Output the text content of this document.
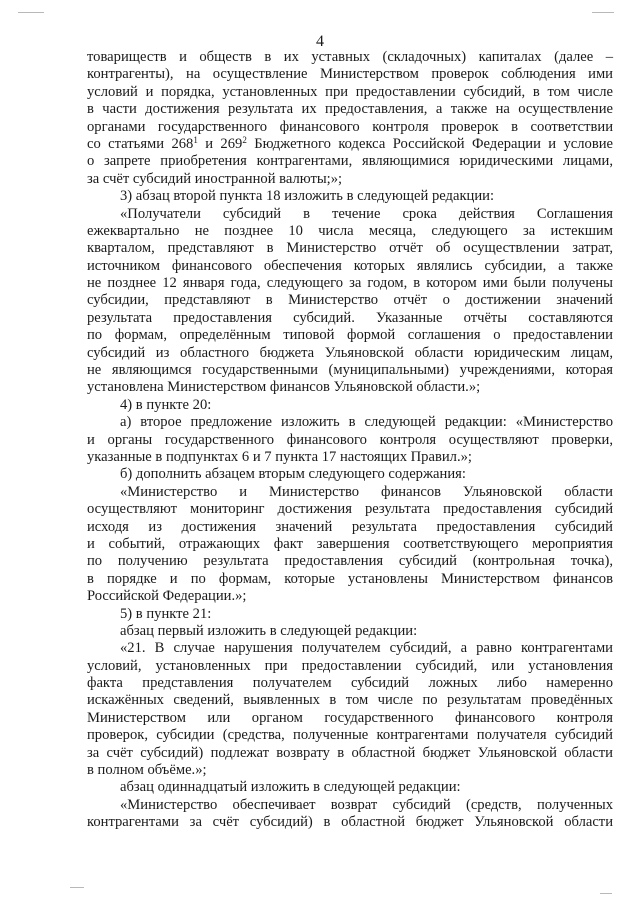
4
товариществ и обществ в их уставных (складочных) капиталах (далее –
контрагенты), на осуществление Министерством проверок соблюдения ими
условий и порядка, установленных при предоставлении субсидий, в том числе
в части достижения результата их предоставления, а также на осуществление
органами государственного финансового контроля проверок в соответствии
со статьями $268^1$ и $269^2$ Бюджетного кодекса Российской Федерации и условие
о запрете приобретения контрагентами, являющимися юридическими лицами,
за счёт субсидий иностранной валюты;»;
3) абзац второй пункта 18 изложить в следующей редакции:
«Получатели субсидий в течение срока действия Соглашения
ежеквартально не позднее 10 числа месяца, следующего за истекшим
кварталом, представляют в Министерство отчёт об осуществлении затрат,
источником финансового обеспечения которых являлись субсидии, а также
не позднее 12 января года, следующего за годом, в котором ими были получены
субсидии, представляют в Министерство отчёт о достижении значений
результата предоставления субсидий. Указанные отчёты составляются
по формам, определённым типовой формой соглашения о предоставлении
субсидий из областного бюджета Ульяновской области юридическим лицам,
не являющимся государственными (муниципальными) учреждениями, которая
установлена Министерством финансов Ульяновской области.»;
4) в пункте 20:
а) второе предложение изложить в следующей редакции: «Министерство
и органы государственного финансового контроля осуществляют проверки,
указанные в подпунктах 6 и 7 пункта 17 настоящих Правил.»;
б) дополнить абзацем вторым следующего содержания:
«Министерство и Министерство финансов Ульяновской области
осуществляют мониторинг достижения результата предоставления субсидий
исходя из достижения значений результата предоставления субсидий
и событий, отражающих факт завершения соответствующего мероприятия
по получению результата предоставления субсидий (контрольная точка),
в порядке и по формам, которые установлены Министерством финансов
Российской Федерации.»;
5) в пункте 21:
абзац первый изложить в следующей редакции:
«21. В случае нарушения получателем субсидий, а равно контрагентами
условий, установленных при предоставлении субсидий, или установления
факта представления получателем субсидий ложных либо намеренно
искажённых сведений, выявленных в том числе по результатам проведённых
Министерством или органом государственного финансового контроля
проверок, субсидии (средства, полученные контрагентами получателя субсидий
за счёт субсидий) подлежат возврату в областной бюджет Ульяновской области
в полном объёме.»;
абзац одиннадцатый изложить в следующей редакции:
«Министерство обеспечивает возврат субсидий (средств, полученных
контрагентами за счёт субсидий) в областной бюджет Ульяновской области
